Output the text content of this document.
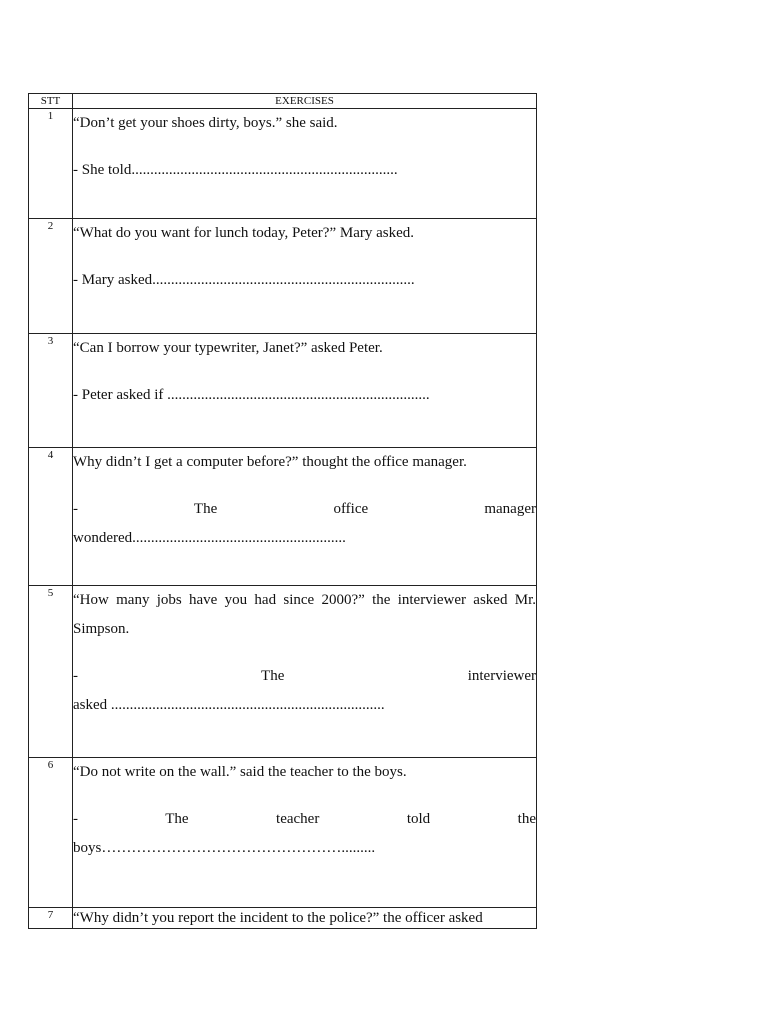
STT	EXERCISES
1	“Don’t get your shoes dirty, boys.” she said.

- She told.......................................................................

2	“What do you want for lunch today, Peter?” Mary asked.

- Mary asked......................................................................

3	“Can I borrow your typewriter, Janet?” asked Peter.

- Peter asked if ......................................................................

4	Why didn’t I get a computer before?” thought the office manager.

- The office manager

wondered.........................................................

5	“How many jobs have you had since 2000?” the interviewer asked Mr. Simpson.

- The interviewer

asked .........................................................................

6	“Do not write on the wall.” said the teacher to the boys.

- The teacher told the

boys………………………………………….........

7	“Why didn’t you report the incident to the police?” the officer asked
